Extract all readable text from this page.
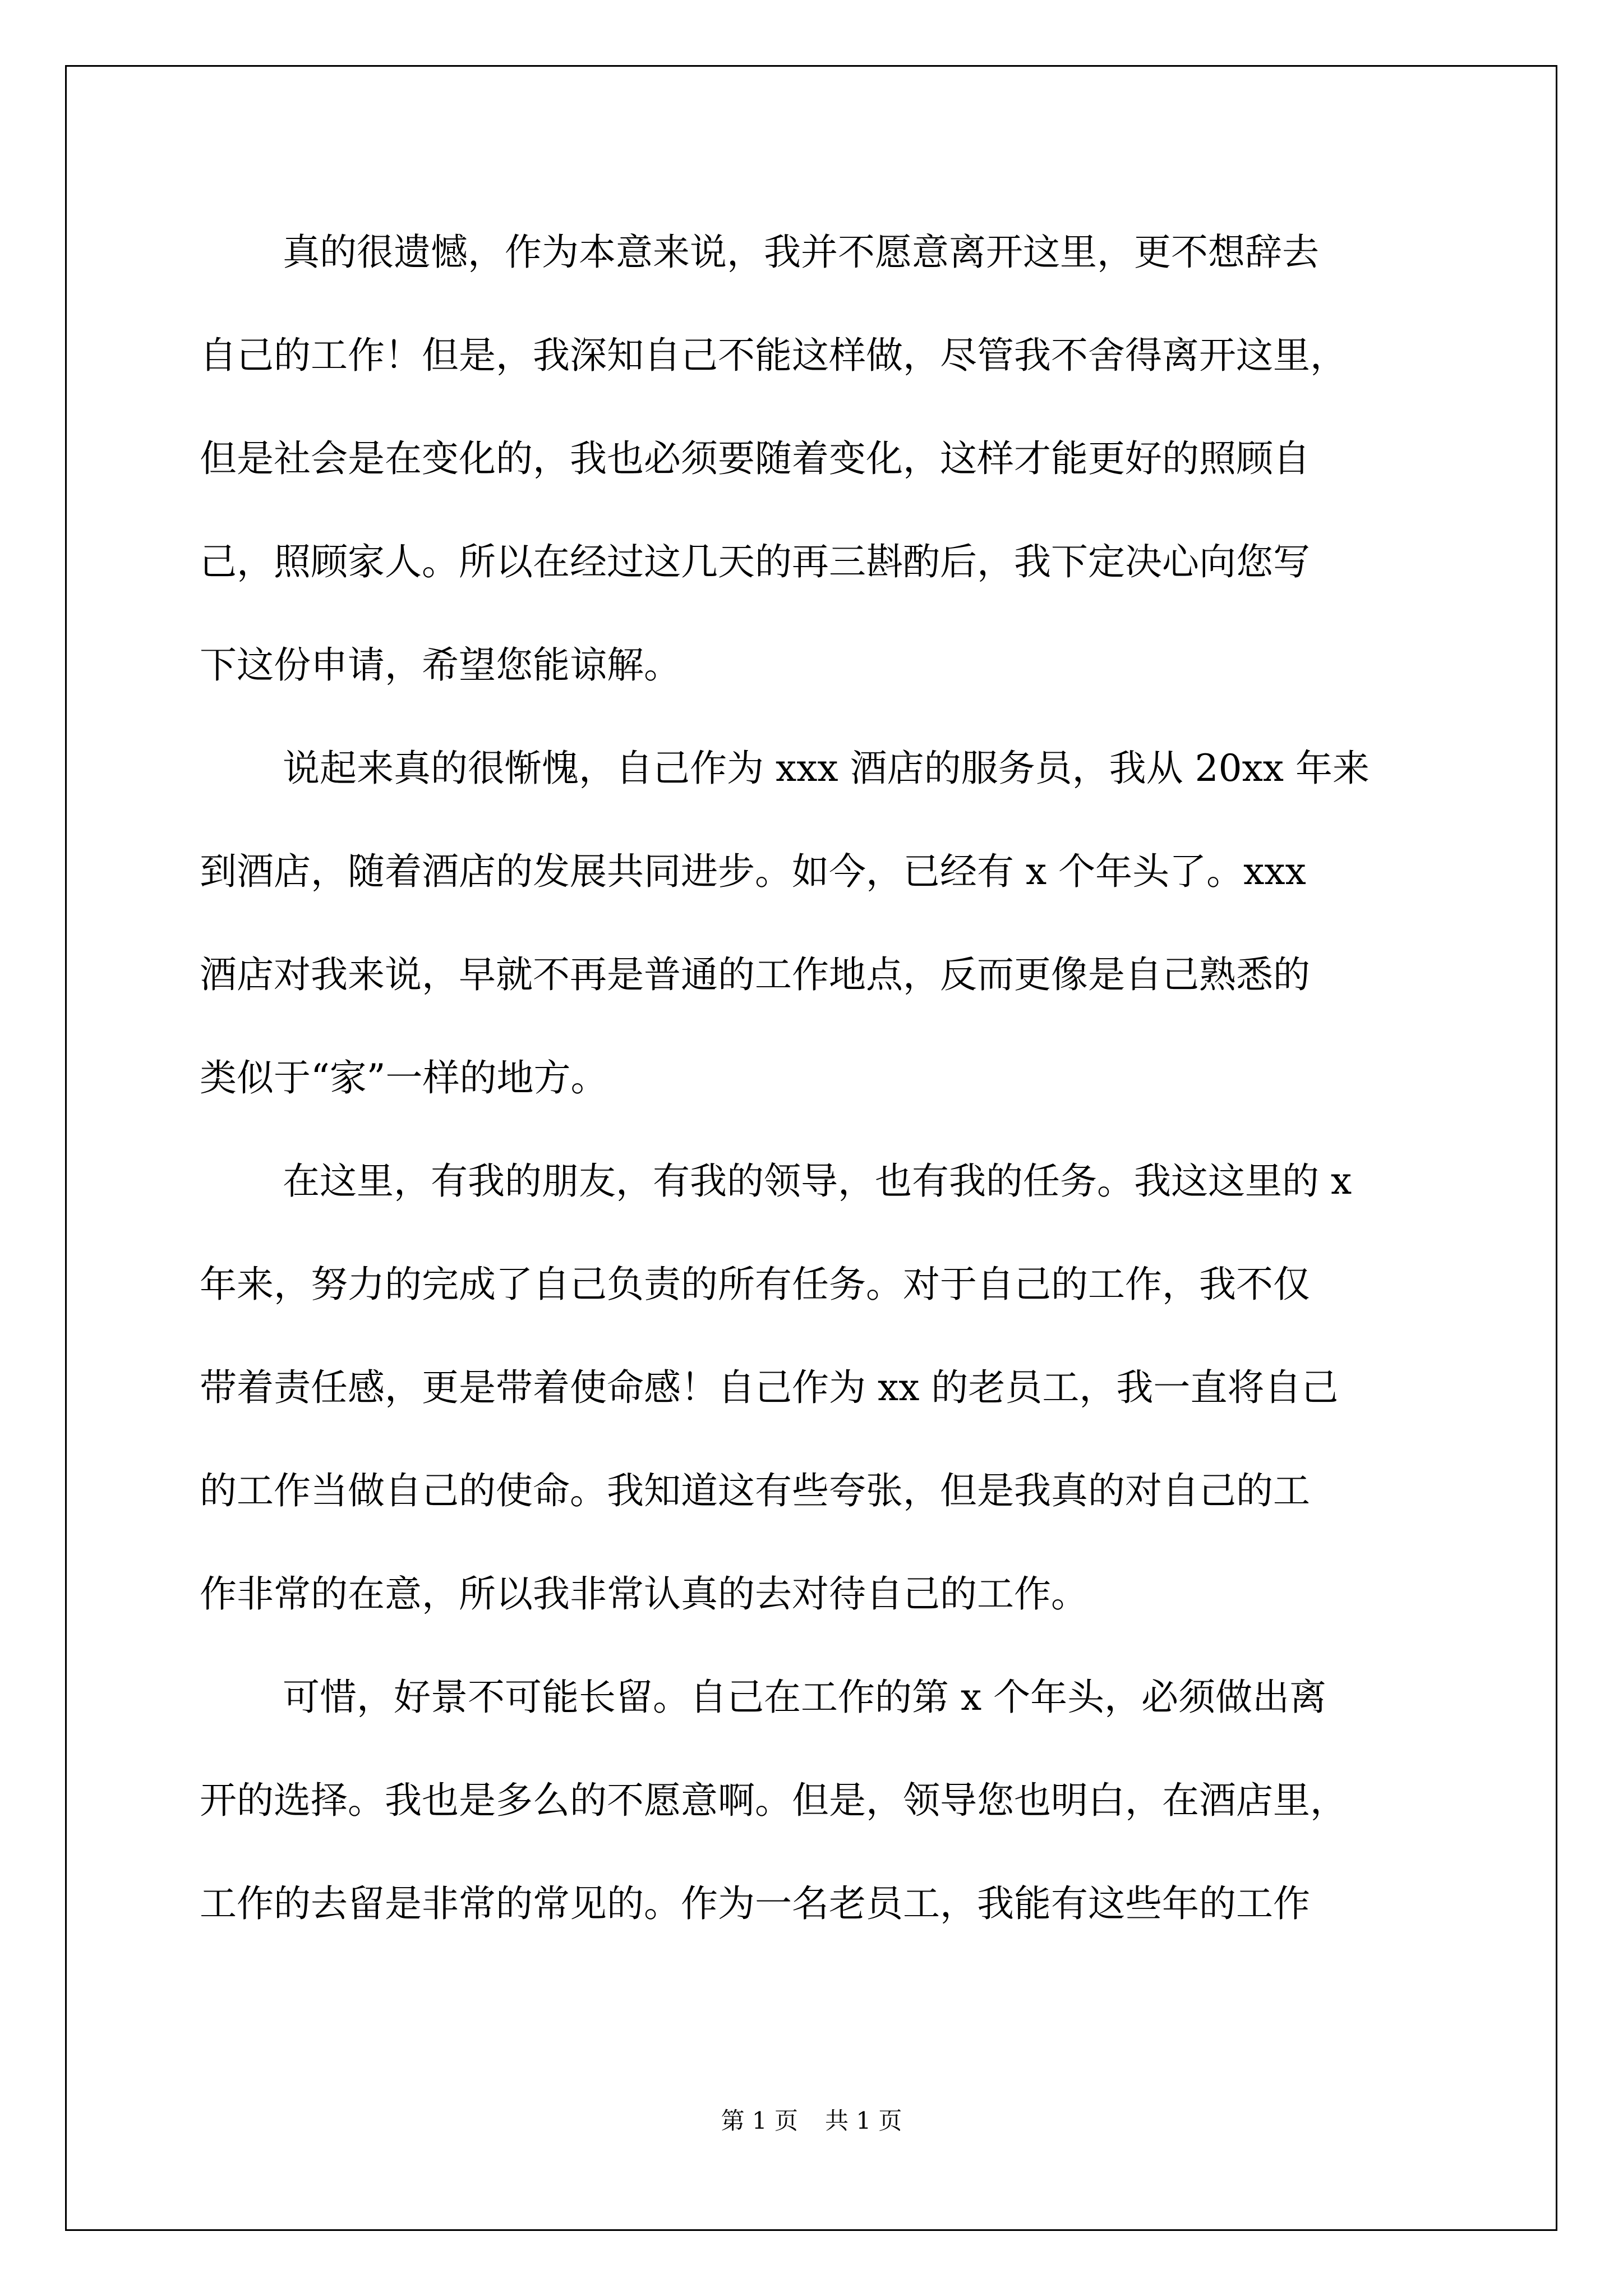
真的很遗憾，作为本意来说，我并不愿意离开这里，更不想辞去
自己的工作！但是，我深知自己不能这样做，尽管我不舍得离开这里，
但是社会是在变化的，我也必须要随着变化，这样才能更好的照顾自
己，照顾家人。所以在经过这几天的再三斟酌后，我下定决心向您写
下这份申请，希望您能谅解。
说起来真的很惭愧，自己作为 xxx 酒店的服务员，我从 20xx 年来
到酒店，随着酒店的发展共同进步。如今，已经有 x 个年头了。xxx
酒店对我来说，早就不再是普通的工作地点，反而更像是自己熟悉的
类似于“家”一样的地方。
在这里，有我的朋友，有我的领导，也有我的任务。我这这里的 x
年来，努力的完成了自己负责的所有任务。对于自己的工作，我不仅
带着责任感，更是带着使命感！自己作为 xx 的老员工，我一直将自己
的工作当做自己的使命。我知道这有些夸张，但是我真的对自己的工
作非常的在意，所以我非常认真的去对待自己的工作。
可惜，好景不可能长留。自己在工作的第 x 个年头，必须做出离
开的选择。我也是多么的不愿意啊。但是，领导您也明白，在酒店里，
工作的去留是非常的常见的。作为一名老员工，我能有这些年的工作
第 1 页 共 1 页
